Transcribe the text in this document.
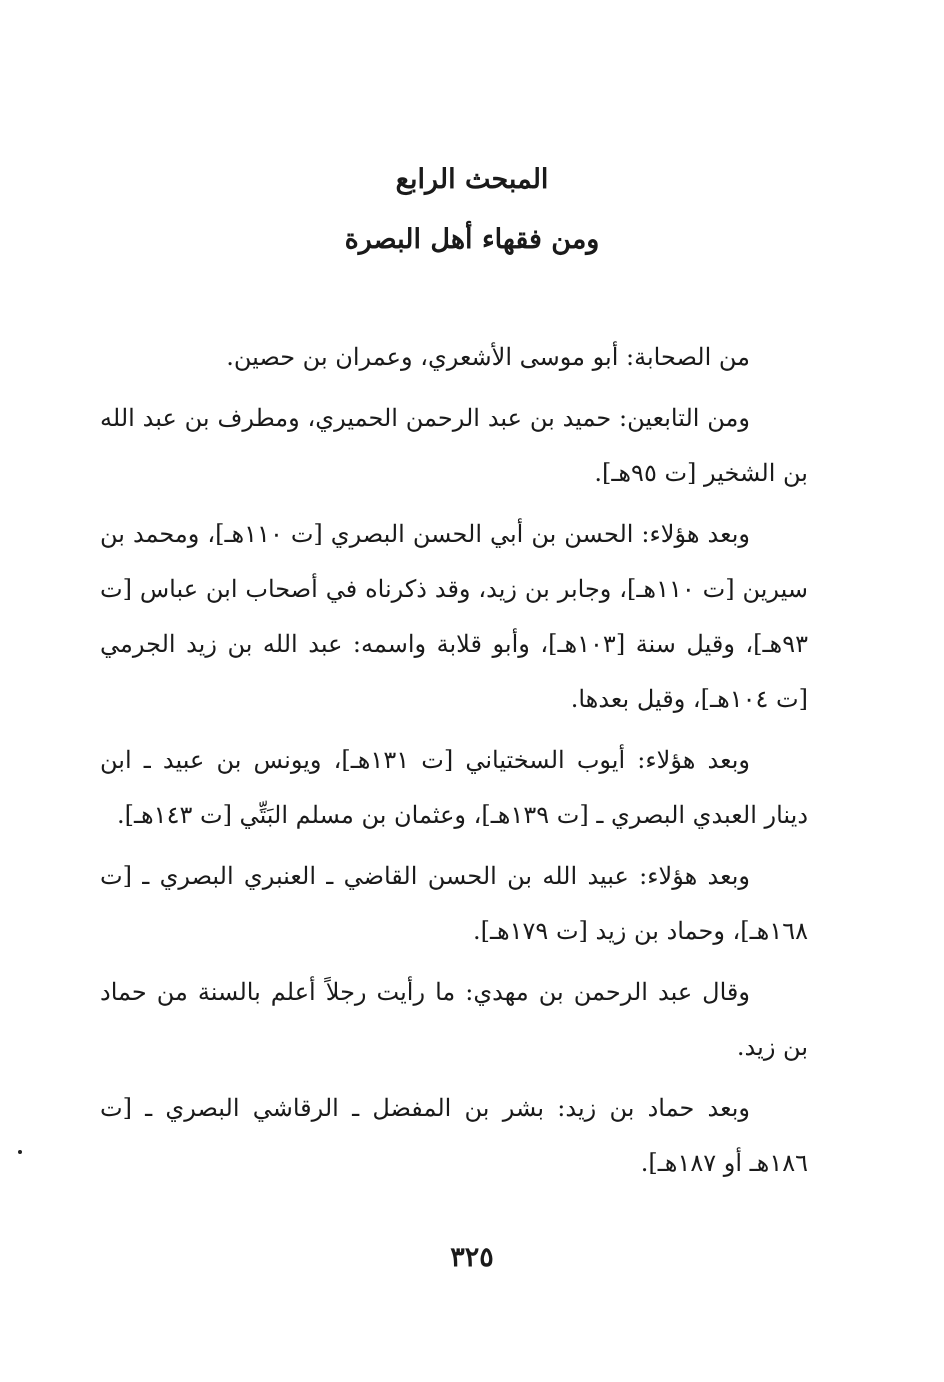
المبحث الرابع
ومن فقهاء أهل البصرة

من الصحابة: أبو موسى الأشعري، وعمران بن حصين.

ومن التابعين: حميد بن عبد الرحمن الحميري، ومطرف بن عبد الله بن الشخير [ت ٩٥هـ].

وبعد هؤلاء: الحسن بن أبي الحسن البصري [ت ١١٠هـ]، ومحمد بن سيرين [ت ١١٠هـ]، وجابر بن زيد، وقد ذكرناه في أصحاب ابن عباس [ت ٩٣هـ]، وقيل سنة [١٠٣هـ]، وأبو قلابة واسمه: عبد الله بن زيد الجرمي [ت ١٠٤هـ]، وقيل بعدها.

وبعد هؤلاء: أيوب السختياني [ت ١٣١هـ]، ويونس بن عبيد ـ ابن دينار العبدي البصري ـ [ت ١٣٩هـ]، وعثمان بن مسلم البَتِّي [ت ١٤٣هـ].

وبعد هؤلاء: عبيد الله بن الحسن القاضي ـ العنبري البصري ـ [ت ١٦٨هـ]، وحماد بن زيد [ت ١٧٩هـ].

وقال عبد الرحمن بن مهدي: ما رأيت رجلاً أعلم بالسنة من حماد بن زيد.

وبعد حماد بن زيد: بشر بن المفضل ـ الرقاشي البصري ـ [ت ١٨٦هـ أو ١٨٧هـ].

٣٢٥
